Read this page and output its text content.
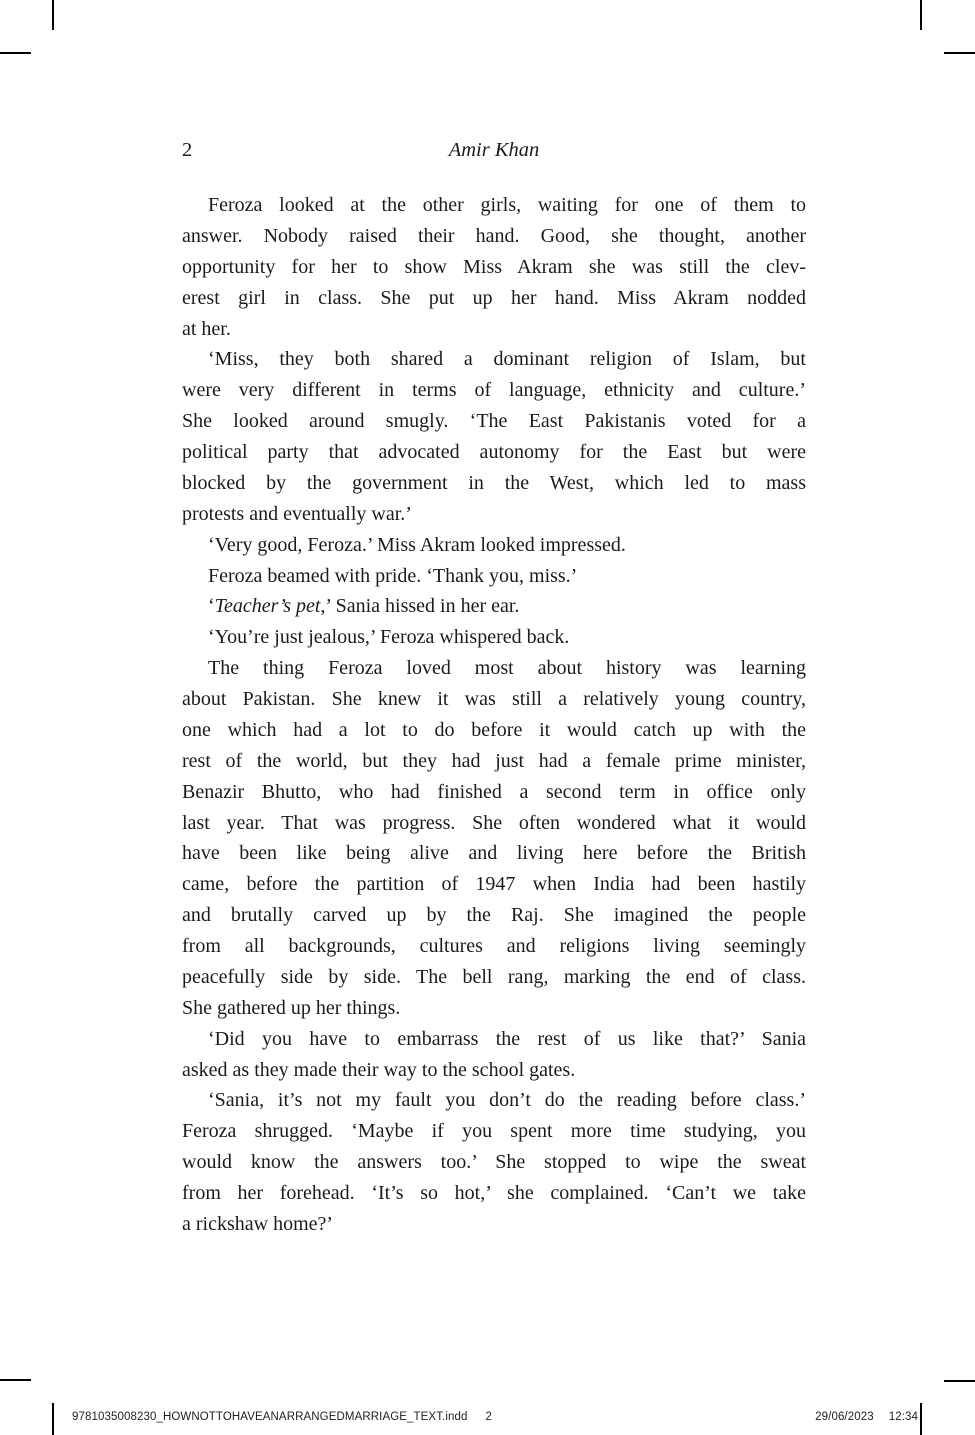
2	Amir Khan
Feroza looked at the other girls, waiting for one of them to
answer. Nobody raised their hand. Good, she thought, another
opportunity for her to show Miss Akram she was still the clev-
erest girl in class. She put up her hand. Miss Akram nodded
at her.
‘Miss, they both shared a dominant religion of Islam, but
were very different in terms of language, ethnicity and culture.’
She looked around smugly. ‘The East Pakistanis voted for a
political party that advocated autonomy for the East but were
blocked by the government in the West, which led to mass
protests and eventually war.’
‘Very good, Feroza.’ Miss Akram looked impressed.
Feroza beamed with pride. ‘Thank you, miss.’
‘Teacher’s pet,’ Sania hissed in her ear.
‘You’re just jealous,’ Feroza whispered back.
The thing Feroza loved most about history was learning
about Pakistan. She knew it was still a relatively young country,
one which had a lot to do before it would catch up with the
rest of the world, but they had just had a female prime minister,
Benazir Bhutto, who had finished a second term in office only
last year. That was progress. She often wondered what it would
have been like being alive and living here before the British
came, before the partition of 1947 when India had been hastily
and brutally carved up by the Raj. She imagined the people
from all backgrounds, cultures and religions living seemingly
peacefully side by side. The bell rang, marking the end of class.
She gathered up her things.
‘Did you have to embarrass the rest of us like that?’ Sania
asked as they made their way to the school gates.
‘Sania, it’s not my fault you don’t do the reading before class.’
Feroza shrugged. ‘Maybe if you spent more time studying, you
would know the answers too.’ She stopped to wipe the sweat
from her forehead. ‘It’s so hot,’ she complained. ‘Can’t we take
a rickshaw home?’
9781035008230_HOWNOTTOHAVEANARRANGEDMARRIAGE_TEXT.indd 2	29/06/2023 12:34
